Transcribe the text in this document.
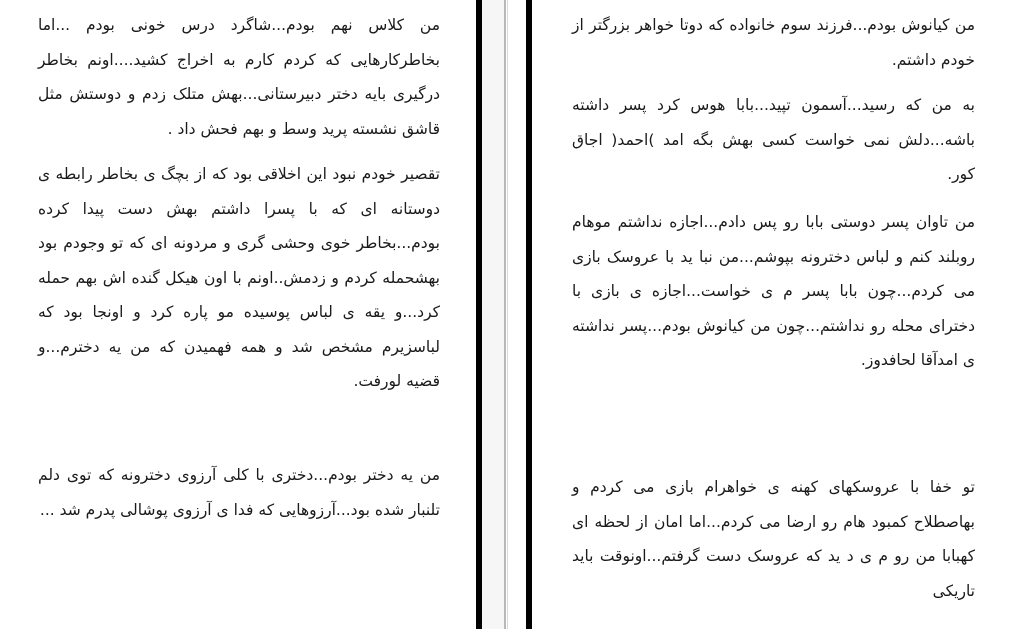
من کلاس نهم بودم...شاگرد درس خونی بودم ...اما بخاطرکارهایی که کردم کارم به اخراج کشید....اونم بخاطر درگیری بایه دختر دبیرستانی...بهش متلک زدم و دوستش مثل قاشق نشسته پرید وسط و بهم فحش داد .

تقصیر خودم نبود این اخلاقی بود که از بچگ ی بخاطر رابطه ی دوستانه ای که با پسرا داشتم بهش دست پیدا کرده بودم...بخاطر خوی وحشی گری و مردونه ای که تو وجودم بود بهشحمله کردم و زدمش..اونم با اون هیکل گنده اش بهم حمله کرد...و یقه ی لباس پوسیده مو پاره کرد و اونجا بود که لباسزیرم مشخص شد و همه فهمیدن که من یه دخترم...و قضیه لورفت.

من یه دختر بودم...دختری با کلی آرزوی دخترونه که توی دلم تلنبار شده بود...آرزوهایی که فدا ی آرزوی پوشالی پدرم شد ...

من کیانوش بودم...فرزند سوم خانواده که دوتا خواهر بزرگتر از خودم داشتم.

به من که رسید...آسمون تپید...بابا هوس کرد پسر داشته باشه...دلش نمی خواست کسی بهش بگه امد )احمد( اجاق کور.

من تاوان پسر دوستی بابا رو پس دادم...اجازه نداشتم موهام روبلند کنم و لباس دخترونه بپوشم...من نبا ید با عروسک بازی می کردم...چون بابا پسر م ی خواست...اجازه ی بازی با دخترای محله رو نداشتم...چون من کیانوش بودم...پسر نداشته ی امدآقا لحافدوز.

تو خفا با عروسکهای کهنه ی خواهرام بازی می کردم و بهاصطلاح کمبود هام رو ارضا می کردم...اما امان از لحظه ای کهبابا من رو م ی د ید که عروسک دست گرفتم...اونوقت باید تاریکی
